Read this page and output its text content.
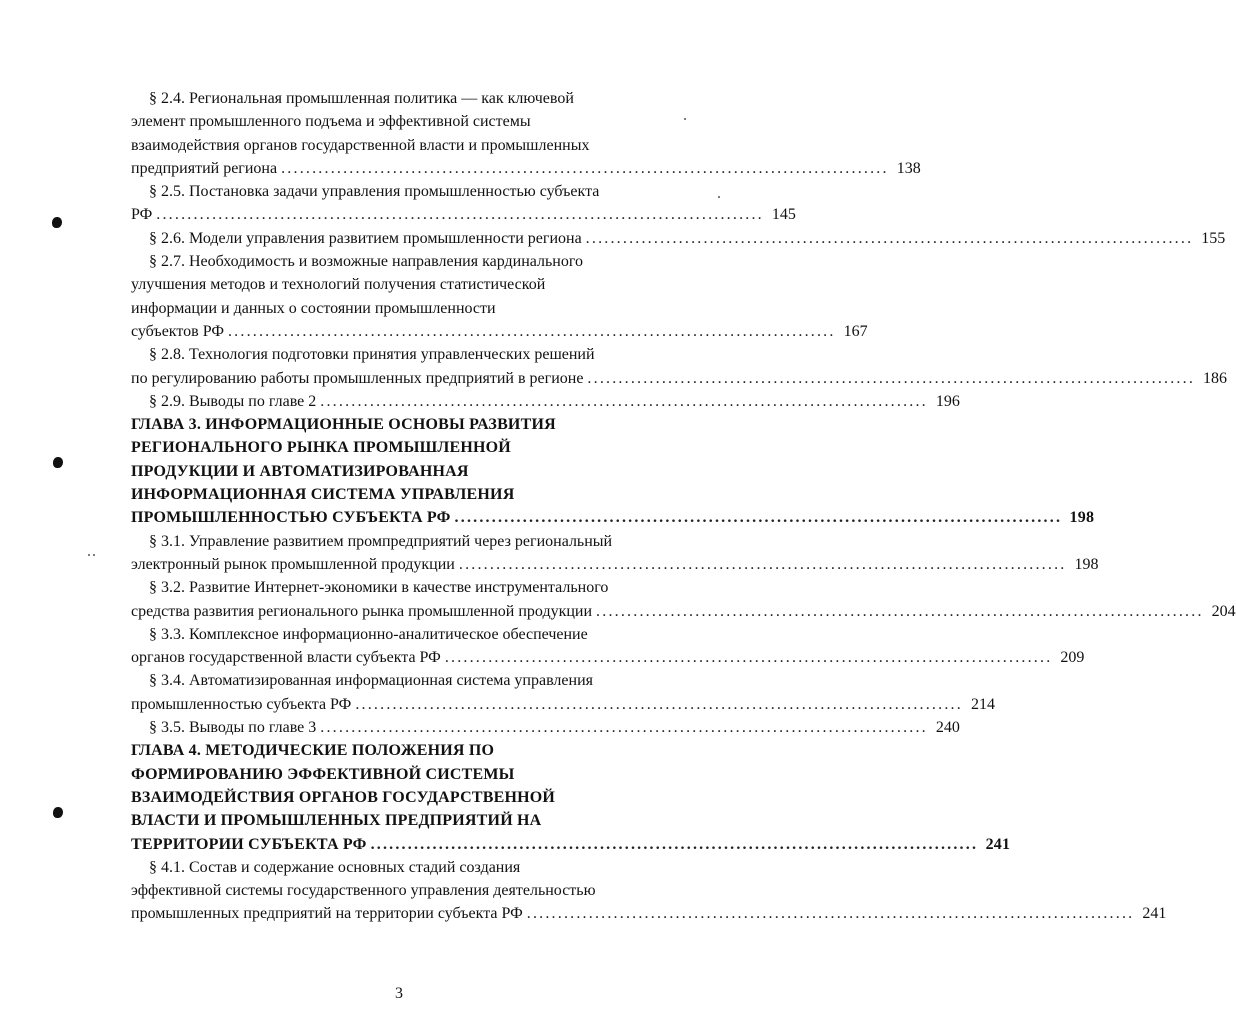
§ 2.4. Региональная промышленная политика — как ключевой
элемент промышленного подъема и эффективной системы
взаимодействия органов государственной власти и промышленных
предприятий региона .................................................................................................. 138
§ 2.5. Постановка задачи управления промышленностью субъекта
РФ .................................................................................................. 145
§ 2.6. Модели управления развитием промышленности региона .................................................................................................. 155
§ 2.7. Необходимость и возможные направления кардинального
улучшения методов и технологий получения статистической
информации и данных о состоянии промышленности
субъектов РФ .................................................................................................. 167
§ 2.8. Технология подготовки принятия управленческих решений
по регулированию работы промышленных предприятий в регионе .................................................................................................. 186
§ 2.9. Выводы по главе 2 .................................................................................................. 196
ГЛАВА 3. ИНФОРМАЦИОННЫЕ ОСНОВЫ РАЗВИТИЯ
РЕГИОНАЛЬНОГО РЫНКА ПРОМЫШЛЕННОЙ
ПРОДУКЦИИ И АВТОМАТИЗИРОВАННАЯ
ИНФОРМАЦИОННАЯ СИСТЕМА УПРАВЛЕНИЯ
ПРОМЫШЛЕННОСТЬЮ СУБЪЕКТА РФ .................................................................................................. 198
§ 3.1. Управление развитием промпредприятий через региональный
электронный рынок промышленной продукции .................................................................................................. 198
§ 3.2. Развитие Интернет-экономики в качестве инструментального
средства развития регионального рынка промышленной продукции .................................................................................................. 204
§ 3.3. Комплексное информационно-аналитическое обеспечение
органов государственной власти субъекта РФ .................................................................................................. 209
§ 3.4. Автоматизированная информационная система управления
промышленностью субъекта РФ .................................................................................................. 214
§ 3.5. Выводы по главе 3 .................................................................................................. 240
ГЛАВА 4. МЕТОДИЧЕСКИЕ ПОЛОЖЕНИЯ ПО
ФОРМИРОВАНИЮ ЭФФЕКТИВНОЙ СИСТЕМЫ
ВЗАИМОДЕЙСТВИЯ ОРГАНОВ ГОСУДАРСТВЕННОЙ
ВЛАСТИ И ПРОМЫШЛЕННЫХ ПРЕДПРИЯТИЙ НА
ТЕРРИТОРИИ СУБЪЕКТА РФ .................................................................................................. 241
§ 4.1. Состав и содержание основных стадий создания
эффективной системы государственного управления деятельностью
промышленных предприятий на территории субъекта РФ .................................................................................................. 241
3
